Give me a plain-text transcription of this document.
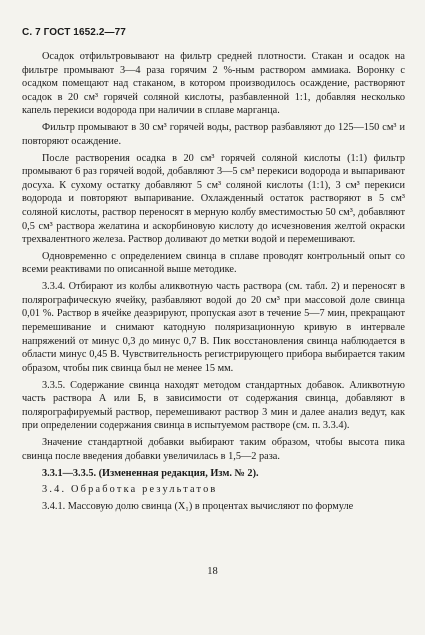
С. 7 ГОСТ 1652.2—77

Осадок отфильтровывают на фильтр средней плотности. Стакан и осадок на фильтре промывают 3—4 раза горячим 2 %-ным раствором аммиака. Воронку с осадком помещают над стаканом, в котором производилось осаждение, растворяют осадок в 20 см³ горячей соляной кислоты, разбавленной 1:1, добавляя несколько капель перекиси водорода при наличии в сплаве марганца.

Фильтр промывают в 30 см³ горячей воды, раствор разбавляют до 125—150 см³ и повторяют осаждение.

После растворения осадка в 20 см³ горячей соляной кислоты (1:1) фильтр промывают 6 раз горячей водой, добавляют 3—5 см³ перекиси водорода и выпаривают досуха. К сухому остатку добавляют 5 см³ соляной кислоты (1:1), 3 см³ перекиси водорода и повторяют выпаривание. Охлажденный остаток растворяют в 5 см³ соляной кислоты, раствор переносят в мерную колбу вместимостью 50 см³, добавляют 0,5 см³ раствора желатина и аскорбиновую кислоту до исчезновения желтой окраски трехвалентного железа. Раствор доливают до метки водой и перемешивают.

Одновременно с определением свинца в сплаве проводят контрольный опыт со всеми реактивами по описанной выше методике.

3.3.4. Отбирают из колбы аликвотную часть раствора (см. табл. 2) и переносят в полярографическую ячейку, разбавляют водой до 20 см³ при массовой доле свинца 0,01 %. Раствор в ячейке деаэрируют, пропуская азот в течение 5—7 мин, прекращают перемешивание и снимают катодную поляризационную кривую в интервале напряжений от минус 0,3 до минус 0,7 В. Пик восстановления свинца наблюдается в области минус 0,45 В. Чувствительность регистрирующего прибора выбирается таким образом, чтобы пик свинца был не менее 15 мм.

3.3.5. Содержание свинца находят методом стандартных добавок. Аликвотную часть раствора А или Б, в зависимости от содержания свинца, добавляют в полярографируемый раствор, перемешивают раствор 3 мин и далее анализ ведут, как при определении содержания свинца в испытуемом растворе (см. п. 3.3.4).

Значение стандартной добавки выбирают таким образом, чтобы высота пика свинца после введения добавки увеличилась в 1,5—2 раза.

3.3.1—3.3.5. (Измененная редакция, Изм. № 2).

3.4. Обработка результатов

3.4.1. Массовую долю свинца (X₁) в процентах вычисляют по формуле

18
